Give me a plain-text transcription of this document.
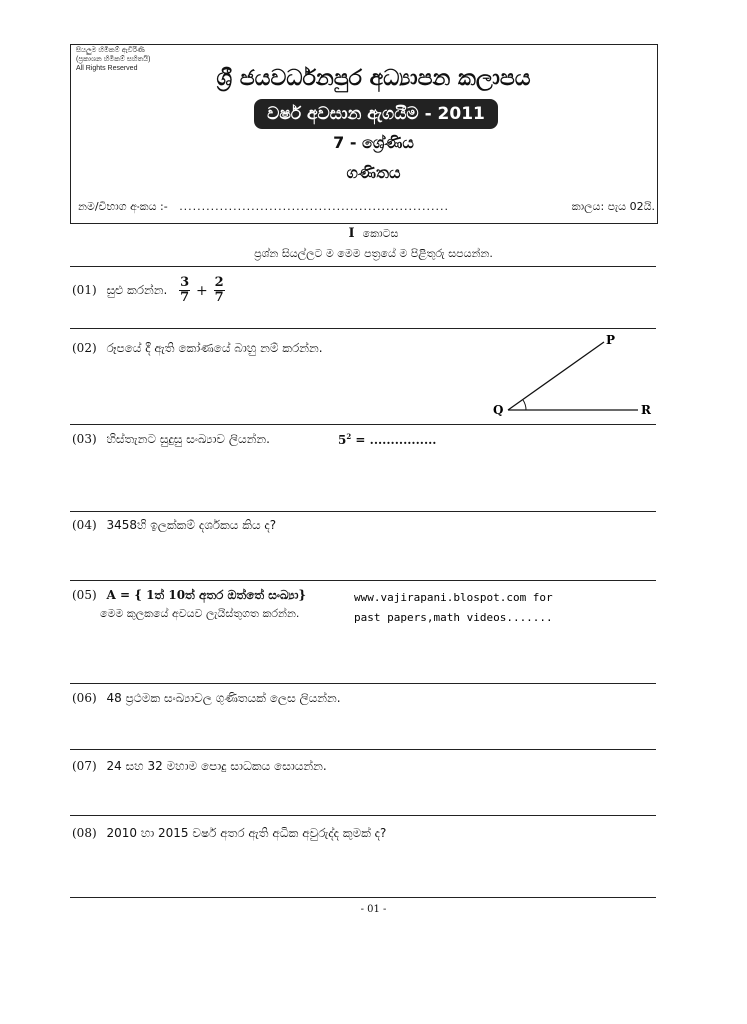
සියලුම හිමිකම් ඇවිරිණි
(ප්‍රකාශන හිමිකම් සහිතයි)
All Rights Reserved	ශ්‍රී ජයවර්ධනපුර අධ්‍යාපන කලාපය
වර්ෂ අවසාන ඇගයීම - 2011
7 - ශ්‍රේණිය
ගණිතය
නම/විභාග අංකය :- ............................................................	කාලය: පැය 02යි.
I කොටස
ප්‍රශ්න සියල්ලට ම මෙම පත්‍රයේ ම පිළිතුරු සපයන්න.
(01) සුළු කරන්න. $\frac{3}{7} + \frac{2}{7}$
(02) රූපයේ දී ඇති කෝණයේ බාහු නම් කරන්න.
P
Q	R
(03) හිස්තැනට සුදුසු සංඛ්‍යාව ලියන්න.	$5^2$ = ................
(04) 3458හි ඉලක්කම් දර්ශකය කිය ද?
(05) A = { 1ත් 10ත් අතර ඔත්තේ සංඛ්‍යා}
මෙම කුලකයේ අවයව ලැයිස්තුගත කරන්න.
www.vajirapani.blospot.com for
past papers,math videos.......
(06) 48 ප්‍රථමක සංඛ්‍යාවල ගුණිතයක් ලෙස ලියන්න.
(07) 24 සහ 32 මහාම පොදු සාධකය සොයන්න.
(08) 2010 හා 2015 වර්ෂ අතර ඇති අධික අවුරුද්ද කුමක් ද?
- 01 -
